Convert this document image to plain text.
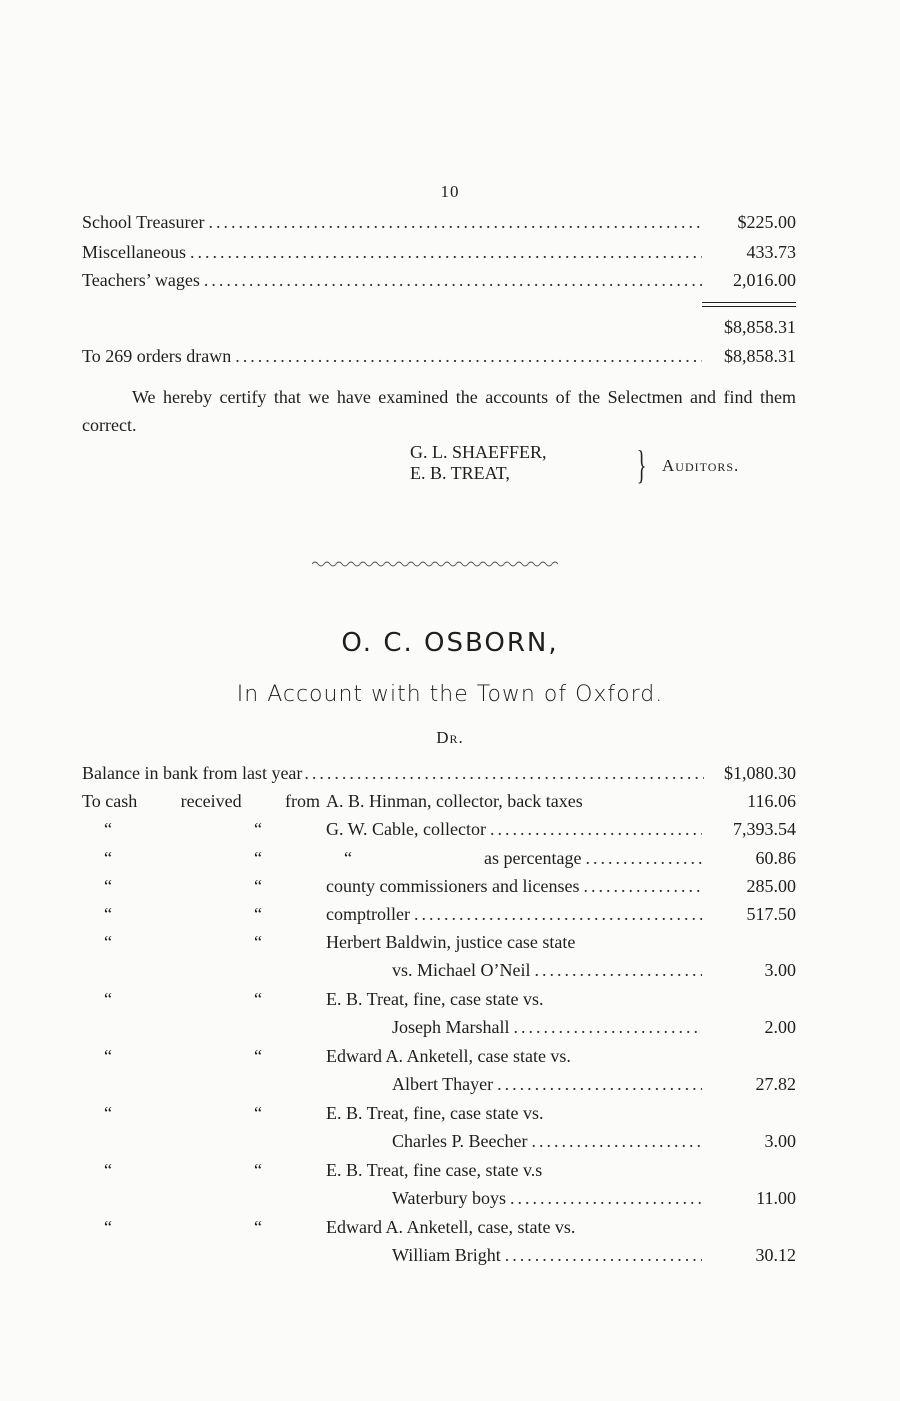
10
School Treasurer .....	$225.00
Miscellaneous .....	433.73
Teachers’ wages .....	2,016.00
$8,858.31
To 269 orders drawn .....	$8,858.31
We hereby certify that we have examined the accounts of the Selectmen and find them correct.
G. L. SHAEFFER,
E. B. TREAT,	} Auditors.
O. C. OSBORN,
In Account with the Town of Oxford.
Dr.
Balance in bank from last year .....	$1,080.30
To cash received from A. B. Hinman, collector, back taxes	116.06
“	“	G. W. Cable, collector .....	7,393.54
“	“	“	as percentage .....	60.86
“	“	county commissioners and licenses .....	285.00
“	“	comptroller .....	517.50
“	“	Herbert Baldwin, justice case state
vs. Michael O’Neil .....	3.00
“	“	E. B. Treat, fine, case state vs.
Joseph Marshall .....	2.00
“	“	Edward A. Anketell, case state vs.
Albert Thayer .....	27.82
“	“	E. B. Treat, fine, case state vs.
Charles P. Beecher .....	3.00
“	“	E. B. Treat, fine case, state v.s
Waterbury boys .....	11.00
“	“	Edward A. Anketell, case, state vs.
William Bright .....	30.12
